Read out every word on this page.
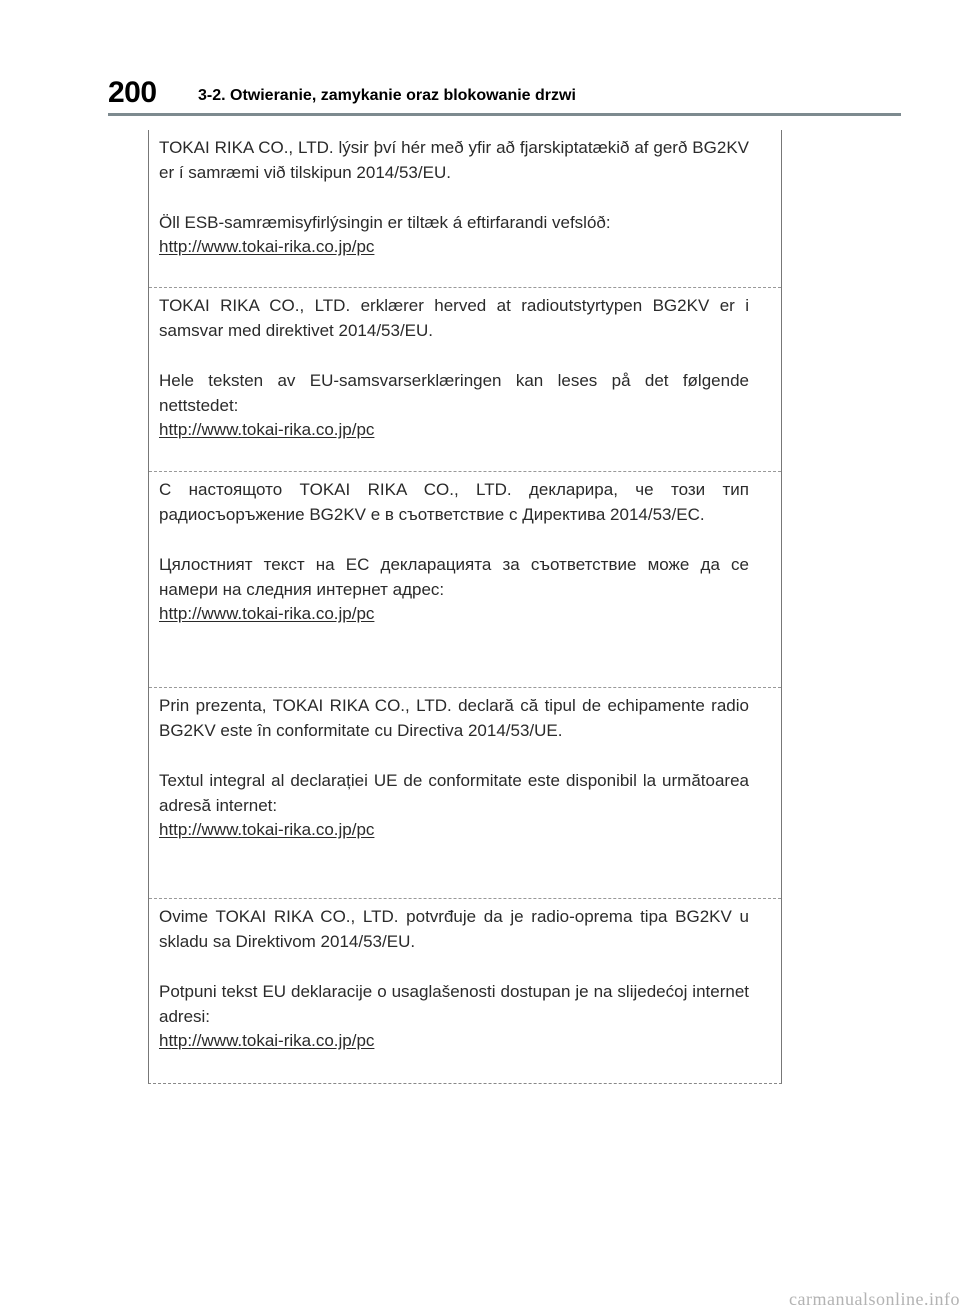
200	3-2. Otwieranie, zamykanie oraz blokowanie drzwi

TOKAI RIKA CO., LTD. lýsir því hér með yfir að fjarskiptatækið af gerð BG2KV er í samræmi við tilskipun 2014/53/EU.

Öll ESB-samræmisyfirlýsingin er tiltæk á eftirfarandi vefslóð:

http://www.tokai-rika.co.jp/pc

TOKAI RIKA CO., LTD. erklærer herved at radioutstyrtypen BG2KV er i samsvar med direktivet 2014/53/EU.

Hele teksten av EU-samsvarserklæringen kan leses på det følgende nettstedet:

http://www.tokai-rika.co.jp/pc

С настоящото TOKAI RIKA CO., LTD. декларира, че този тип радиосъоръжение BG2KV е в съответствие с Директива 2014/53/ЕС.

Цялостният текст на ЕС декларацията за съответствие може да се намери на следния интернет адрес:

http://www.tokai-rika.co.jp/pc

Prin prezenta, TOKAI RIKA CO., LTD. declară că tipul de echipamente radio BG2KV este în conformitate cu Directiva 2014/53/UE.

Textul integral al declarației UE de conformitate este disponibil la următoarea adresă internet:

http://www.tokai-rika.co.jp/pc

Ovime TOKAI RIKA CO., LTD. potvrđuje da je radio-oprema tipa BG2KV u skladu sa Direktivom 2014/53/EU.

Potpuni tekst EU deklaracije o usaglašenosti dostupan je na slijedećoj internet adresi:

http://www.tokai-rika.co.jp/pc
carmanualsonline.info
